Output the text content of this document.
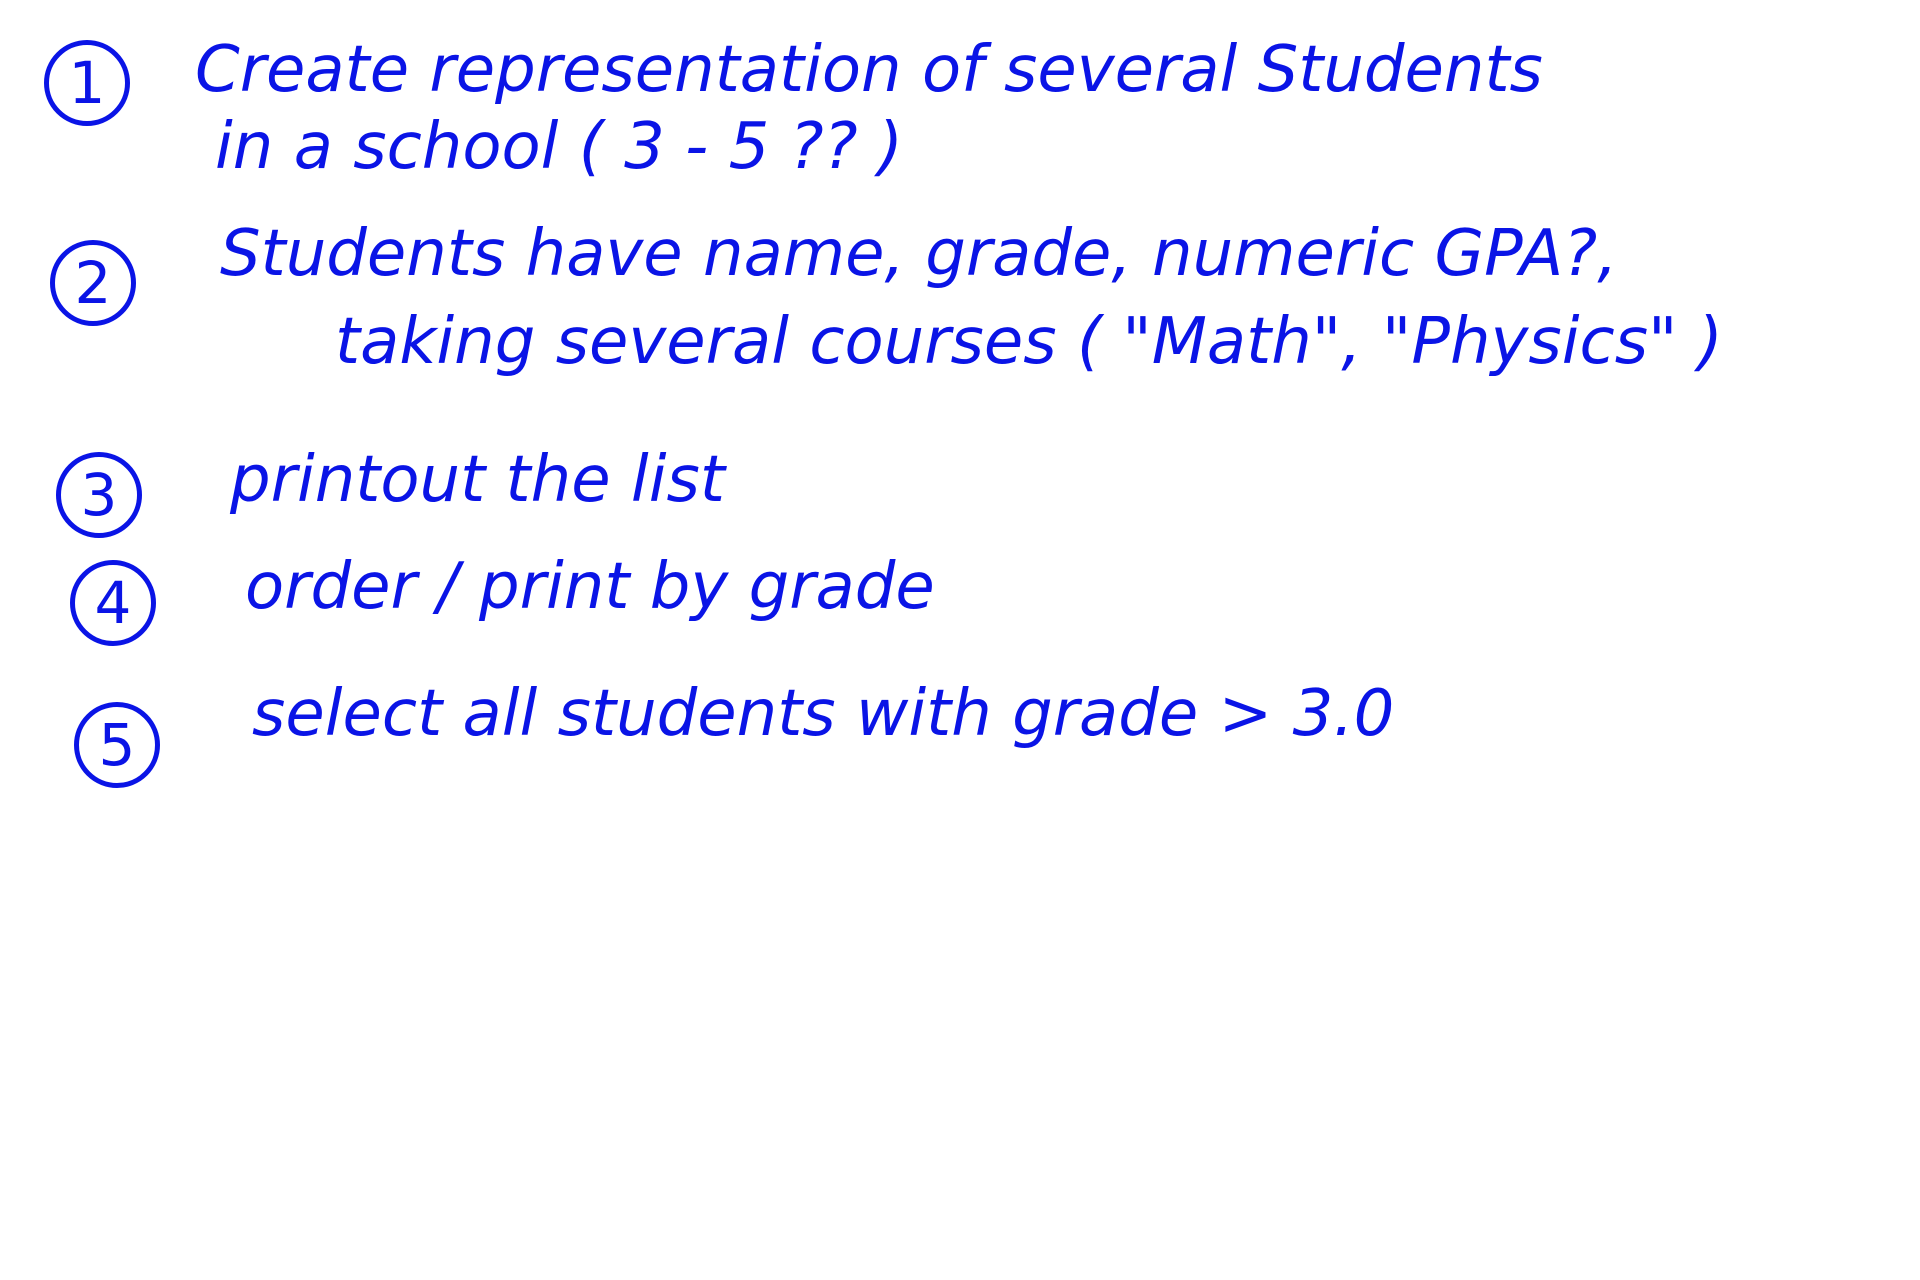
1	Create representation of several Students
in a school ( 3 - 5 ?? )
2	Students have name, grade, numeric GPA?,
taking several courses ( "Math", "Physics" )
3	printout the list
4	order / print by grade
5	select all students with grade > 3.0
